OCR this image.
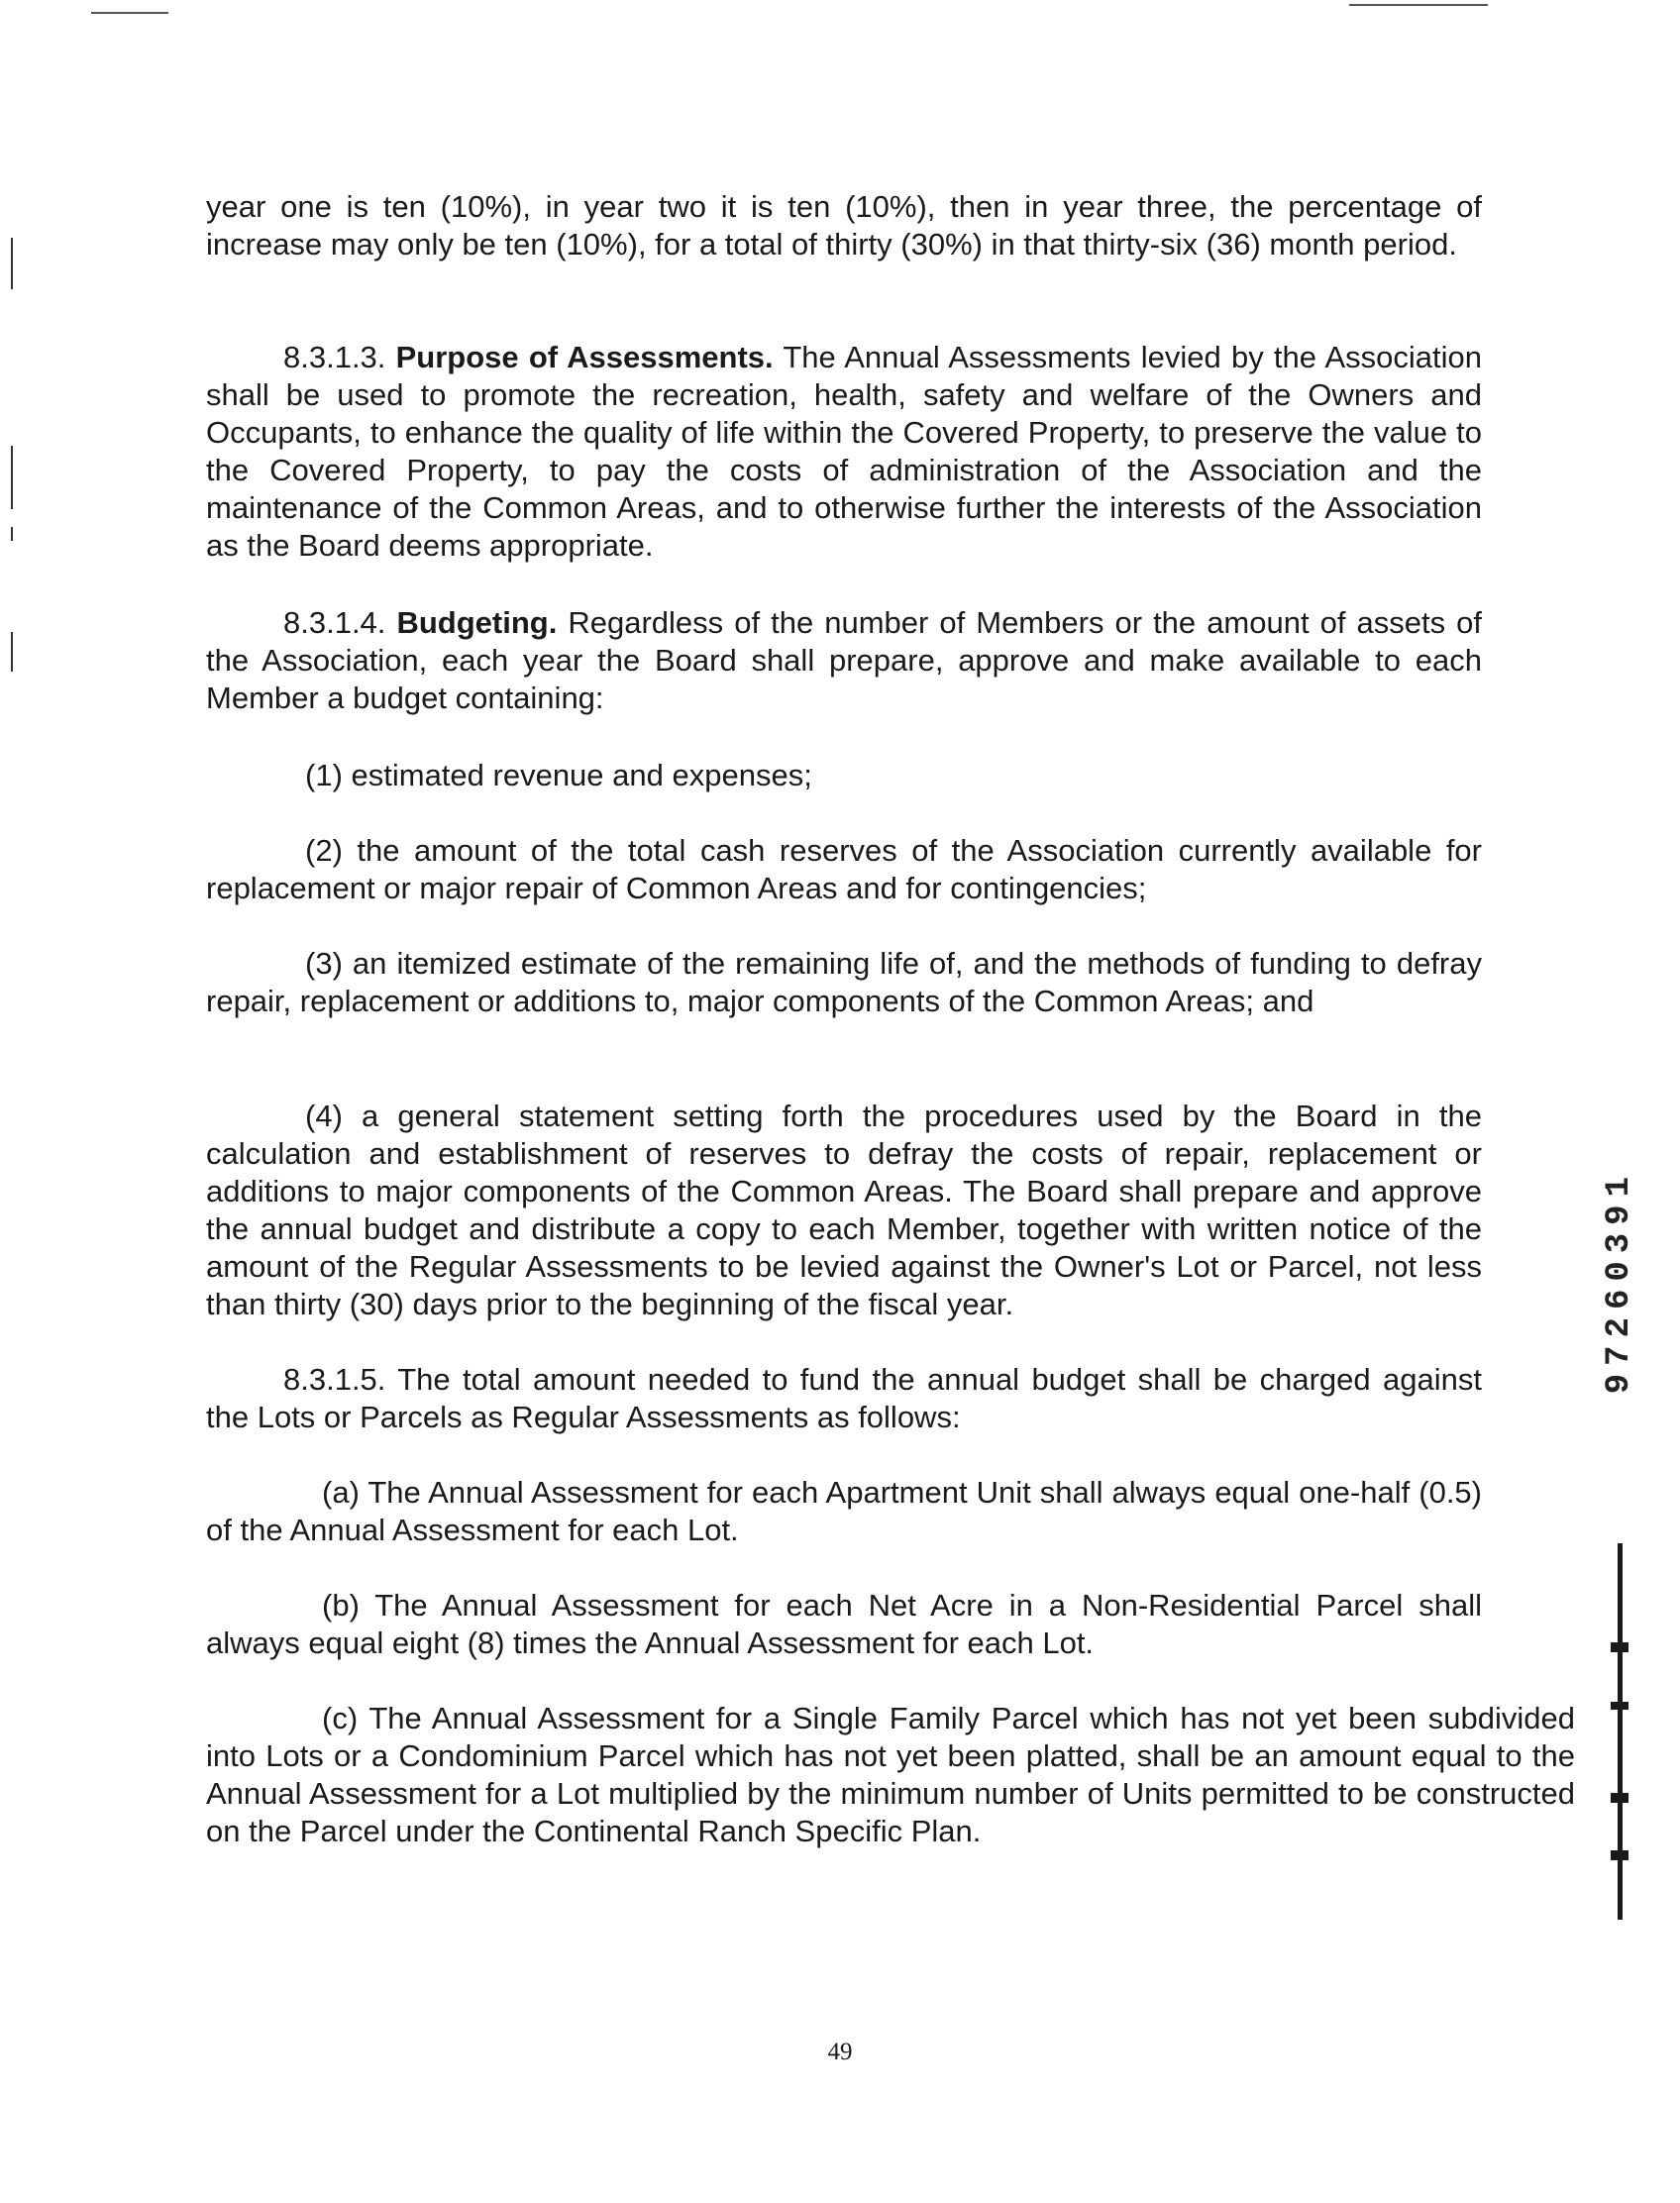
year one is ten (10%), in year two it is ten (10%), then in year three, the percentage of increase may only be ten (10%), for a total of thirty (30%) in that thirty-six (36) month period.

8.3.1.3. Purpose of Assessments. The Annual Assessments levied by the Association shall be used to promote the recreation, health, safety and welfare of the Owners and Occupants, to enhance the quality of life within the Covered Property, to preserve the value to the Covered Property, to pay the costs of administration of the Association and the maintenance of the Common Areas, and to otherwise further the interests of the Association as the Board deems appropriate.

8.3.1.4. Budgeting. Regardless of the number of Members or the amount of assets of the Association, each year the Board shall prepare, approve and make available to each Member a budget containing:

(1) estimated revenue and expenses;

(2) the amount of the total cash reserves of the Association currently available for replacement or major repair of Common Areas and for contingencies;

(3) an itemized estimate of the remaining life of, and the methods of funding to defray repair, replacement or additions to, major components of the Common Areas; and

(4) a general statement setting forth the procedures used by the Board in the calculation and establishment of reserves to defray the costs of repair, replacement or additions to major components of the Common Areas. The Board shall prepare and approve the annual budget and distribute a copy to each Member, together with written notice of the amount of the Regular Assessments to be levied against the Owner's Lot or Parcel, not less than thirty (30) days prior to the beginning of the fiscal year.

8.3.1.5. The total amount needed to fund the annual budget shall be charged against the Lots or Parcels as Regular Assessments as follows:

(a) The Annual Assessment for each Apartment Unit shall always equal one-half (0.5) of the Annual Assessment for each Lot.

(b) The Annual Assessment for each Net Acre in a Non-Residential Parcel shall always equal eight (8) times the Annual Assessment for each Lot.

(c) The Annual Assessment for a Single Family Parcel which has not yet been subdivided into Lots or a Condominium Parcel which has not yet been platted, shall be an amount equal to the Annual Assessment for a Lot multiplied by the minimum number of Units permitted to be constructed on the Parcel under the Continental Ranch Specific Plan.

49
97260391
